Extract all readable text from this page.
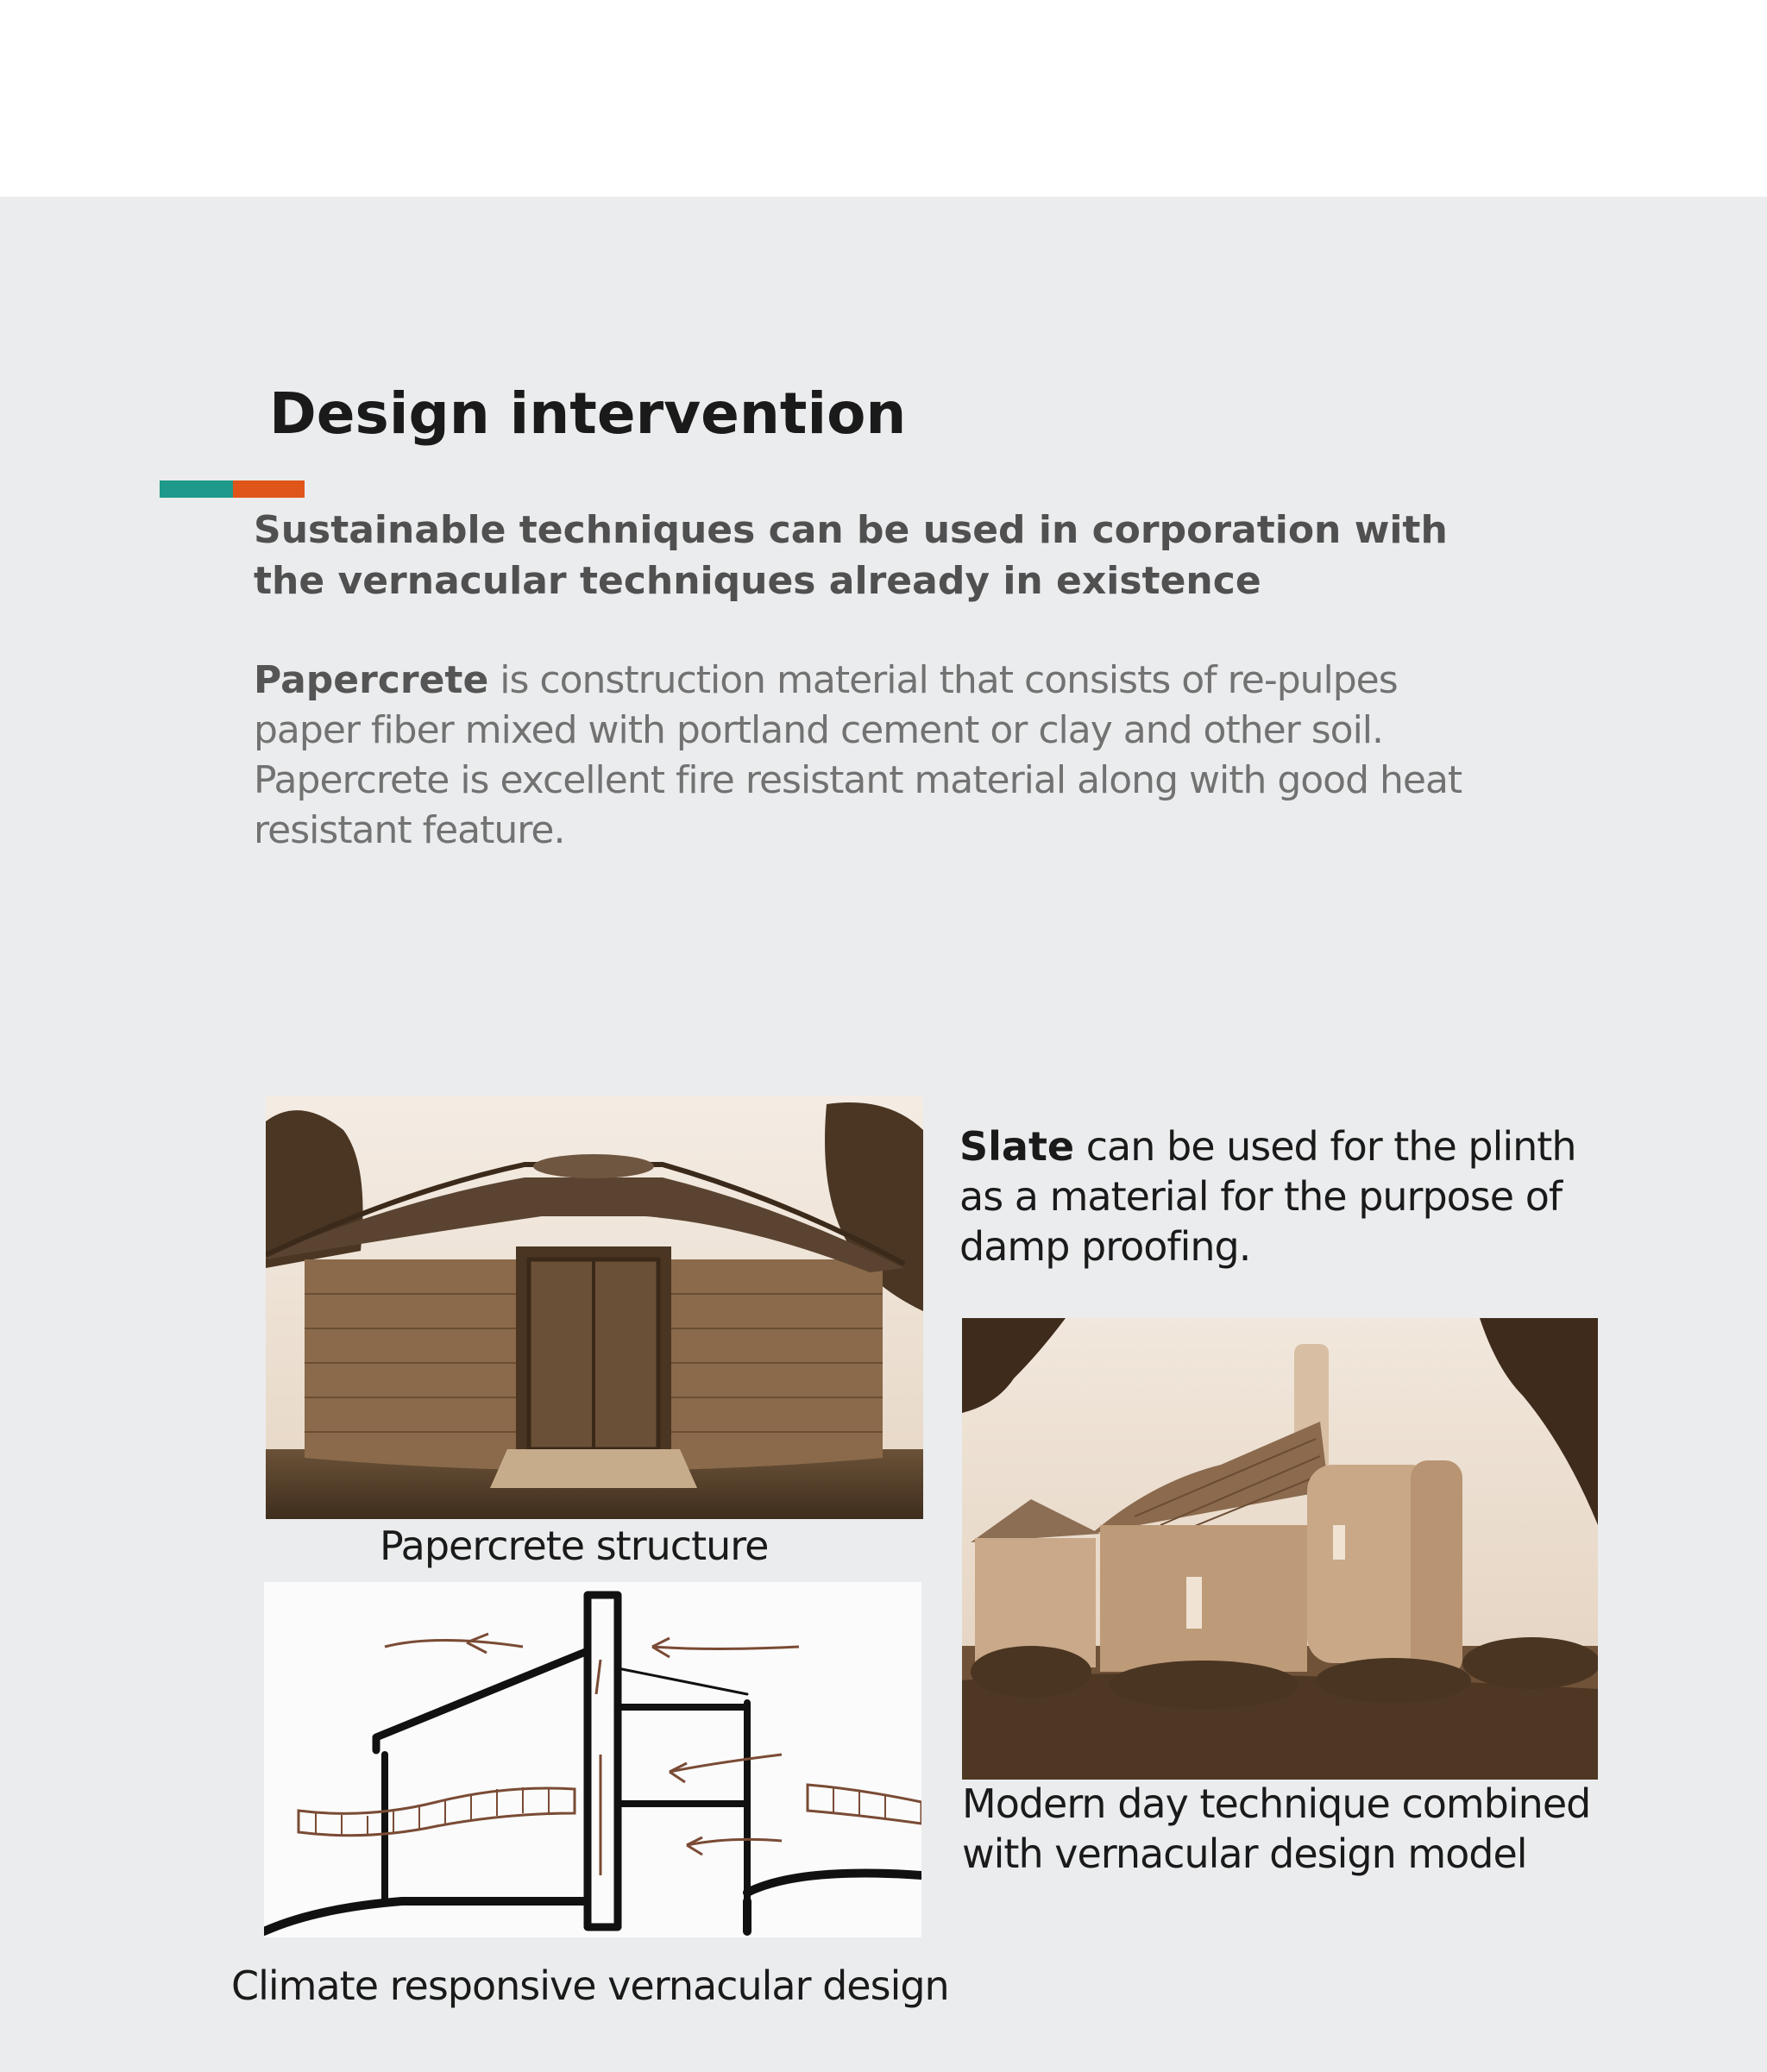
Design intervention

Sustainable techniques can be used in corporation with the vernacular techniques already in existence

Papercrete is construction material that consists of re-pulpes paper fiber mixed with portland cement or clay and other soil. Papercrete is excellent fire resistant material along with good heat resistant feature.

Papercrete structure

Climate responsive vernacular design

Slate can be used for the plinth as a material for the purpose of damp proofing.

Modern day technique combined with vernacular design model
